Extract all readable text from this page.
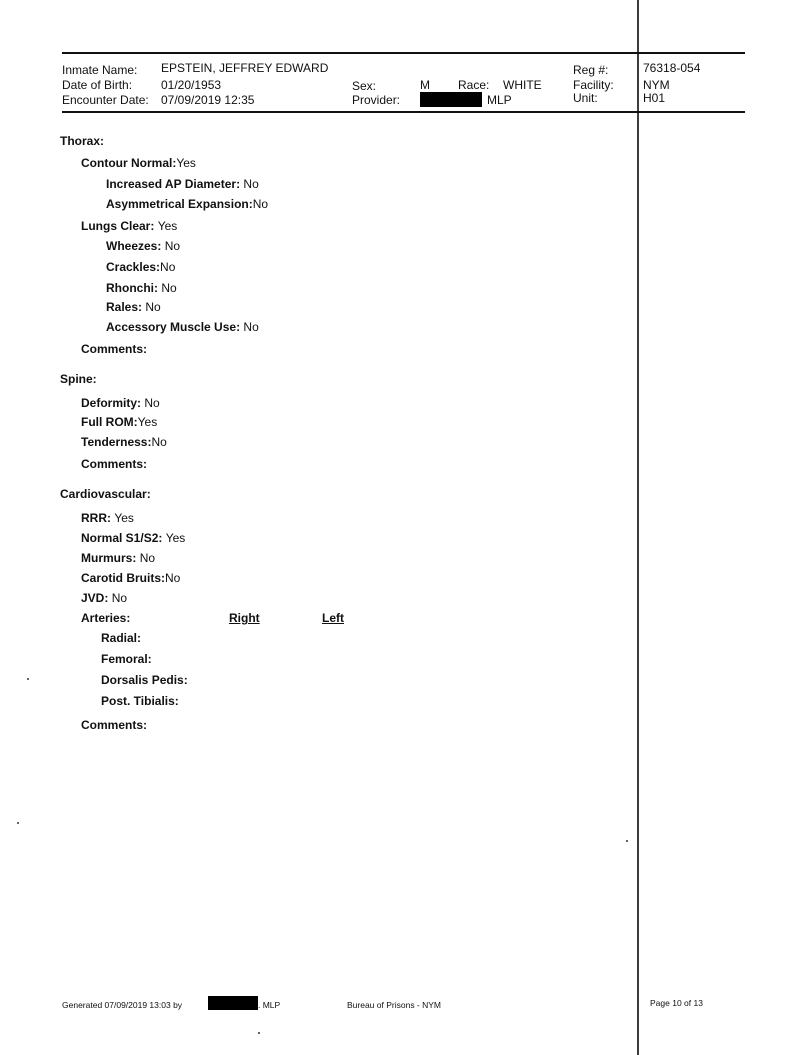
Inmate Name: EPSTEIN, JEFFREY EDWARD
Date of Birth: 01/20/1953
Encounter Date: 07/09/2019 12:35
Sex:	M Race: WHITE
Provider:	MLP
Reg #:	76318-054
Facility: NYM
Unit:	H01
Thorax:
Contour Normal:Yes
Increased AP Diameter: No
Asymmetrical Expansion:No
Lungs Clear: Yes
Wheezes: No
Crackles:No
Rhonchi: No
Rales: No
Accessory Muscle Use: No
Comments:
Spine:
Deformity: No
Full ROM:Yes
Tenderness:No
Comments:
Cardiovascular:
RRR: Yes
Normal S1/S2: Yes
Murmurs: No
Carotid Bruits:No
JVD: No
Arteries:	Right	Left
Radial:
Femoral:
Dorsalis Pedis:
Post. Tibialis:
Comments:
Generated 07/09/2019 13:03 by	. MLP	Bureau of Prisons - NYM	Page 10 of 13
